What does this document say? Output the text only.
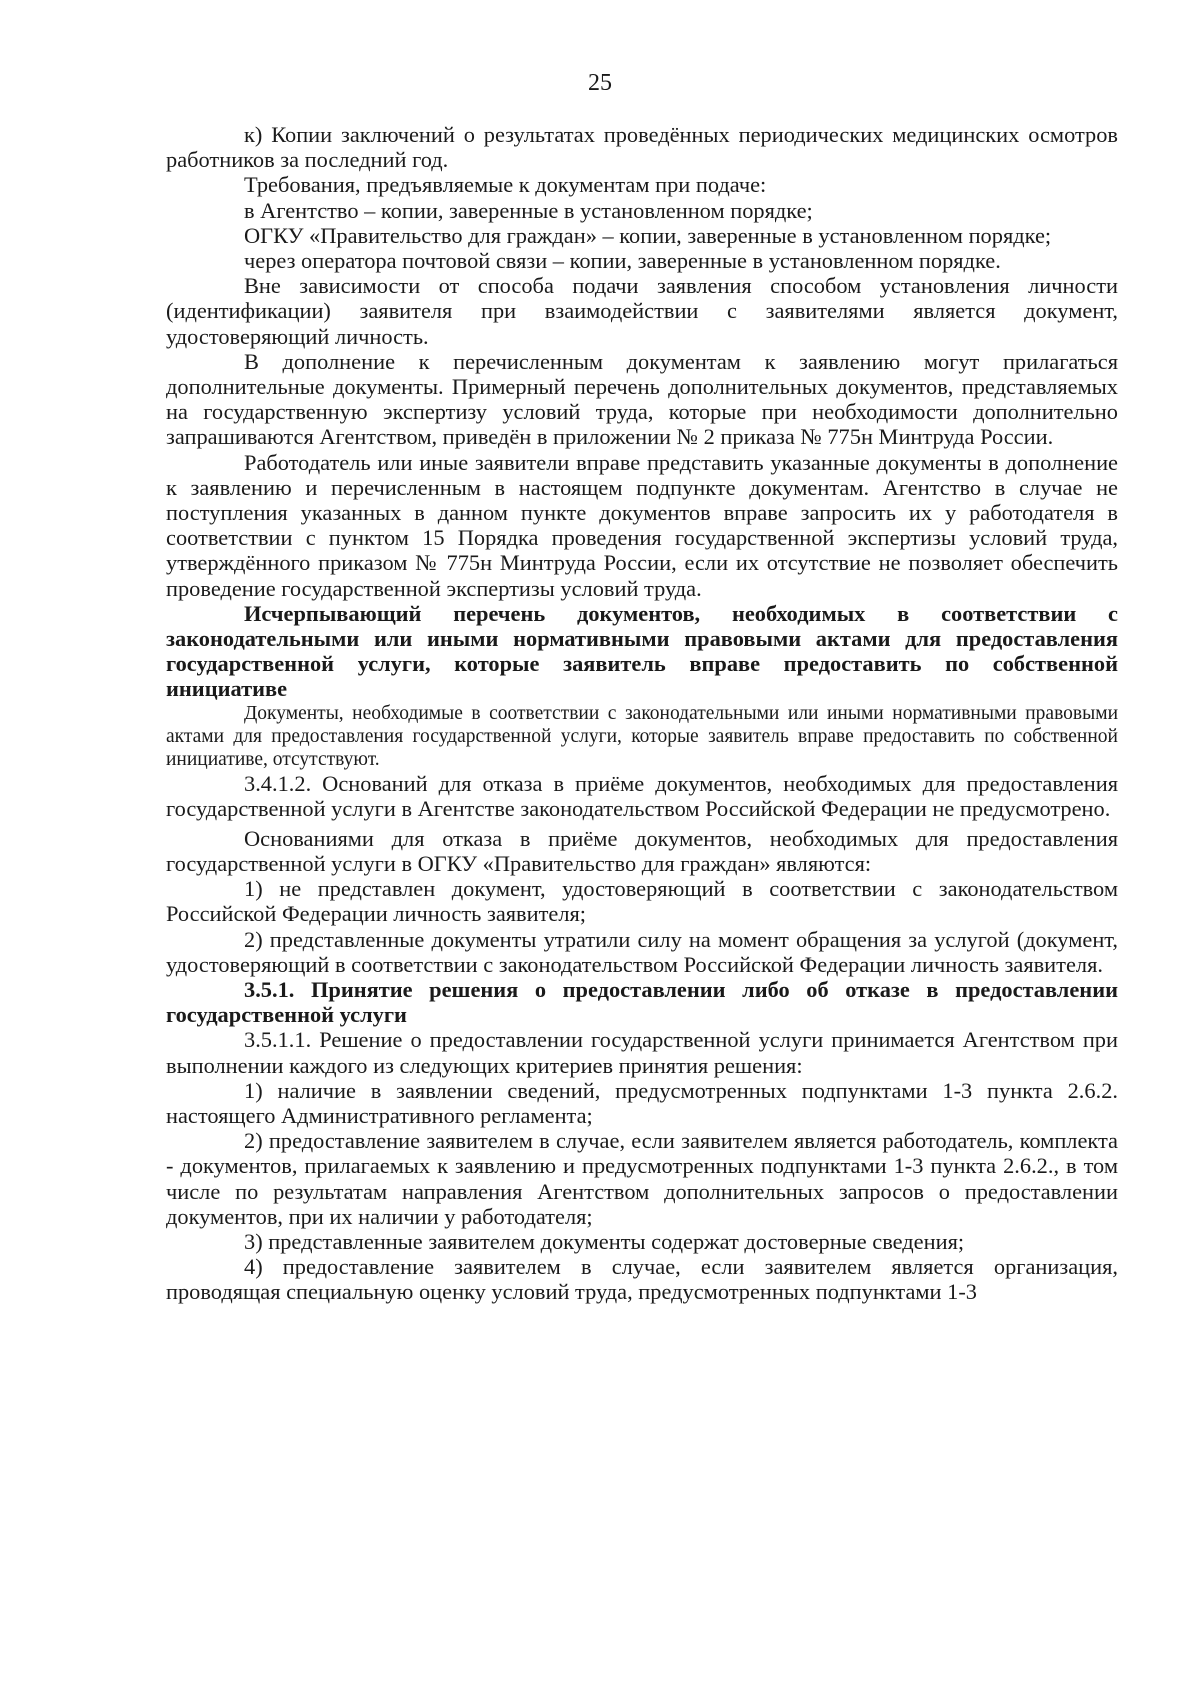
25

к) Копии заключений о результатах проведённых периодических медицинских осмотров работников за последний год.

Требования, предъявляемые к документам при подаче:

в Агентство – копии, заверенные в установленном порядке;

ОГКУ «Правительство для граждан» – копии, заверенные в установленном порядке;

через оператора почтовой связи – копии, заверенные в установленном порядке.

Вне зависимости от способа подачи заявления способом установления личности (идентификации) заявителя при взаимодействии с заявителями является документ, удостоверяющий личность.

В дополнение к перечисленным документам к заявлению могут прилагаться дополнительные документы. Примерный перечень дополнительных документов, представляемых на государственную экспертизу условий труда, которые при необходимости дополнительно запрашиваются Агентством, приведён в приложении № 2 приказа № 775н Минтруда России.

Работодатель или иные заявители вправе представить указанные документы в дополнение к заявлению и перечисленным в настоящем подпункте документам. Агентство в случае не поступления указанных в данном пункте документов вправе запросить их у работодателя в соответствии с пунктом 15 Порядка проведения государственной экспертизы условий труда, утверждённого приказом № 775н Минтруда России, если их отсутствие не позволяет обеспечить проведение государственной экспертизы условий труда.

Исчерпывающий перечень документов, необходимых в соответствии с законодательными или иными нормативными правовыми актами для предоставления государственной услуги, которые заявитель вправе предоставить по собственной инициативе

Документы, необходимые в соответствии с законодательными или иными нормативными правовыми актами для предоставления государственной услуги, которые заявитель вправе предоставить по собственной инициативе, отсутствуют.

3.4.1.2. Оснований для отказа в приёме документов, необходимых для предоставления государственной услуги в Агентстве законодательством Российской Федерации не предусмотрено.

Основаниями для отказа в приёме документов, необходимых для предоставления государственной услуги в ОГКУ «Правительство для граждан» являются:

1) не представлен документ, удостоверяющий в соответствии с законодательством Российской Федерации личность заявителя;

2) представленные документы утратили силу на момент обращения за услугой (документ, удостоверяющий в соответствии с законодательством Российской Федерации личность заявителя.

3.5.1. Принятие решения о предоставлении либо об отказе в предоставлении государственной услуги

3.5.1.1. Решение о предоставлении государственной услуги принимается Агентством при выполнении каждого из следующих критериев принятия решения:

1) наличие в заявлении сведений, предусмотренных подпунктами 1-3 пункта 2.6.2. настоящего Административного регламента;

2) предоставление заявителем в случае, если заявителем является работодатель, комплекта - документов, прилагаемых к заявлению и предусмотренных подпунктами 1-3 пункта 2.6.2., в том числе по результатам направления Агентством дополнительных запросов о предоставлении документов, при их наличии у работодателя;

3) представленные заявителем документы содержат достоверные сведения;

4) предоставление заявителем в случае, если заявителем является организация, проводящая специальную оценку условий труда, предусмотренных подпунктами 1-3
